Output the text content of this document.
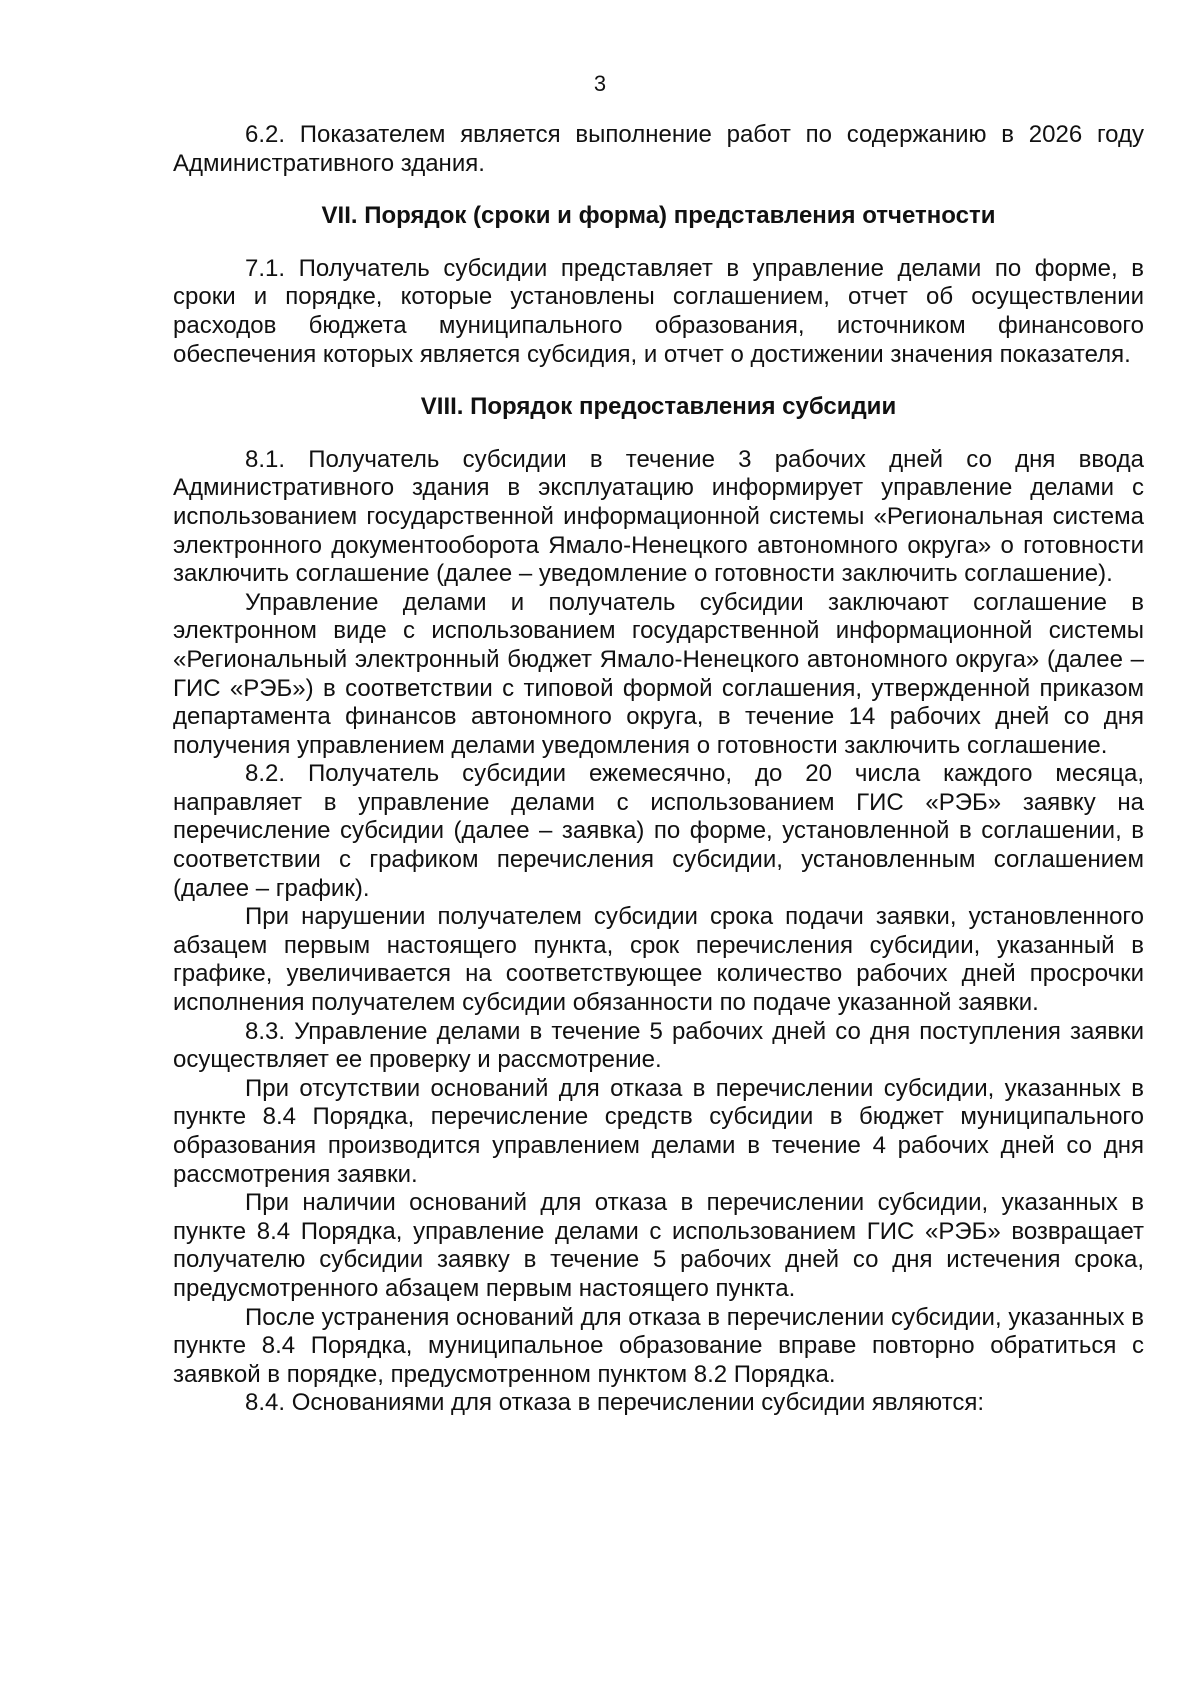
3

6.2. Показателем является выполнение работ по содержанию в 2026 году Административного здания.

VII. Порядок (сроки и форма) представления отчетности

7.1. Получатель субсидии представляет в управление делами по форме, в сроки и порядке, которые установлены соглашением, отчет об осуществлении расходов бюджета муниципального образования, источником финансового обеспечения которых является субсидия, и отчет о достижении значения показателя.

VIII. Порядок предоставления субсидии

8.1. Получатель субсидии в течение 3 рабочих дней со дня ввода Административного здания в эксплуатацию информирует управление делами с использованием государственной информационной системы «Региональная система электронного документооборота Ямало-Ненецкого автономного округа» о готовности заключить соглашение (далее – уведомление о готовности заключить соглашение).

Управление делами и получатель субсидии заключают соглашение в электронном виде с использованием государственной информационной системы «Региональный электронный бюджет Ямало-Ненецкого автономного округа» (далее – ГИС «РЭБ») в соответствии с типовой формой соглашения, утвержденной приказом департамента финансов автономного округа, в течение 14 рабочих дней со дня получения управлением делами уведомления о готовности заключить соглашение.

8.2. Получатель субсидии ежемесячно, до 20 числа каждого месяца, направляет в управление делами с использованием ГИС «РЭБ» заявку на перечисление субсидии (далее – заявка) по форме, установленной в соглашении, в соответствии с графиком перечисления субсидии, установленным соглашением (далее – график).

При нарушении получателем субсидии срока подачи заявки, установленного абзацем первым настоящего пункта, срок перечисления субсидии, указанный в графике, увеличивается на соответствующее количество рабочих дней просрочки исполнения получателем субсидии обязанности по подаче указанной заявки.

8.3. Управление делами в течение 5 рабочих дней со дня поступления заявки осуществляет ее проверку и рассмотрение.

При отсутствии оснований для отказа в перечислении субсидии, указанных в пункте 8.4 Порядка, перечисление средств субсидии в бюджет муниципального образования производится управлением делами в течение 4 рабочих дней со дня рассмотрения заявки.

При наличии оснований для отказа в перечислении субсидии, указанных в пункте 8.4 Порядка, управление делами с использованием ГИС «РЭБ» возвращает получателю субсидии заявку в течение 5 рабочих дней со дня истечения срока, предусмотренного абзацем первым настоящего пункта.

После устранения оснований для отказа в перечислении субсидии, указанных в пункте 8.4 Порядка, муниципальное образование вправе повторно обратиться с заявкой в порядке, предусмотренном пунктом 8.2 Порядка.

8.4. Основаниями для отказа в перечислении субсидии являются:
